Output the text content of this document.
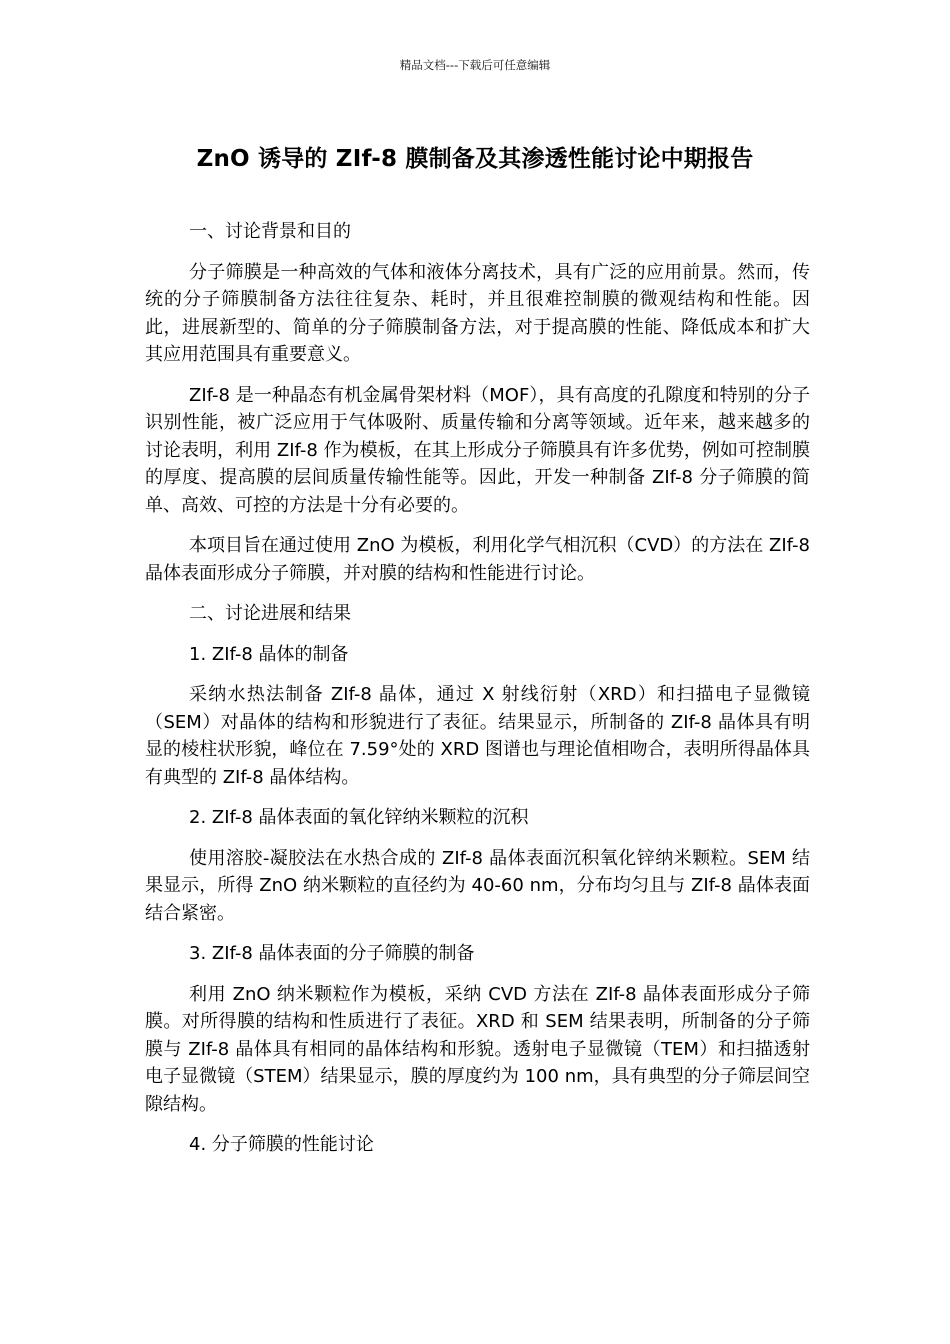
精品文档---下载后可任意编辑
ZnO 诱导的 ZIf-8 膜制备及其渗透性能讨论中期报告
一、讨论背景和目的
分子筛膜是一种高效的气体和液体分离技术，具有广泛的应用前景。然而，传统的分子筛膜制备方法往往复杂、耗时，并且很难控制膜的微观结构和性能。因此，进展新型的、简单的分子筛膜制备方法，对于提高膜的性能、降低成本和扩大其应用范围具有重要意义。
ZIf-8 是一种晶态有机金属骨架材料（MOF），具有高度的孔隙度和特别的分子识别性能，被广泛应用于气体吸附、质量传输和分离等领域。近年来，越来越多的讨论表明，利用 ZIf-8 作为模板，在其上形成分子筛膜具有许多优势，例如可控制膜的厚度、提高膜的层间质量传输性能等。因此，开发一种制备 ZIf-8 分子筛膜的简单、高效、可控的方法是十分有必要的。
本项目旨在通过使用 ZnO 为模板，利用化学气相沉积（CVD）的方法在 ZIf-8 晶体表面形成分子筛膜，并对膜的结构和性能进行讨论。
二、讨论进展和结果
1. ZIf-8 晶体的制备
采纳水热法制备 ZIf-8 晶体，通过 X 射线衍射（XRD）和扫描电子显微镜（SEM）对晶体的结构和形貌进行了表征。结果显示，所制备的 ZIf-8 晶体具有明显的棱柱状形貌，峰位在 7.59°处的 XRD 图谱也与理论值相吻合，表明所得晶体具有典型的 ZIf-8 晶体结构。
2. ZIf-8 晶体表面的氧化锌纳米颗粒的沉积
使用溶胶-凝胶法在水热合成的 ZIf-8 晶体表面沉积氧化锌纳米颗粒。SEM 结果显示，所得 ZnO 纳米颗粒的直径约为 40-60 nm，分布均匀且与 ZIf-8 晶体表面结合紧密。
3. ZIf-8 晶体表面的分子筛膜的制备
利用 ZnO 纳米颗粒作为模板，采纳 CVD 方法在 ZIf-8 晶体表面形成分子筛膜。对所得膜的结构和性质进行了表征。XRD 和 SEM 结果表明，所制备的分子筛膜与 ZIf-8 晶体具有相同的晶体结构和形貌。透射电子显微镜（TEM）和扫描透射电子显微镜（STEM）结果显示，膜的厚度约为 100 nm，具有典型的分子筛层间空隙结构。
4. 分子筛膜的性能讨论
